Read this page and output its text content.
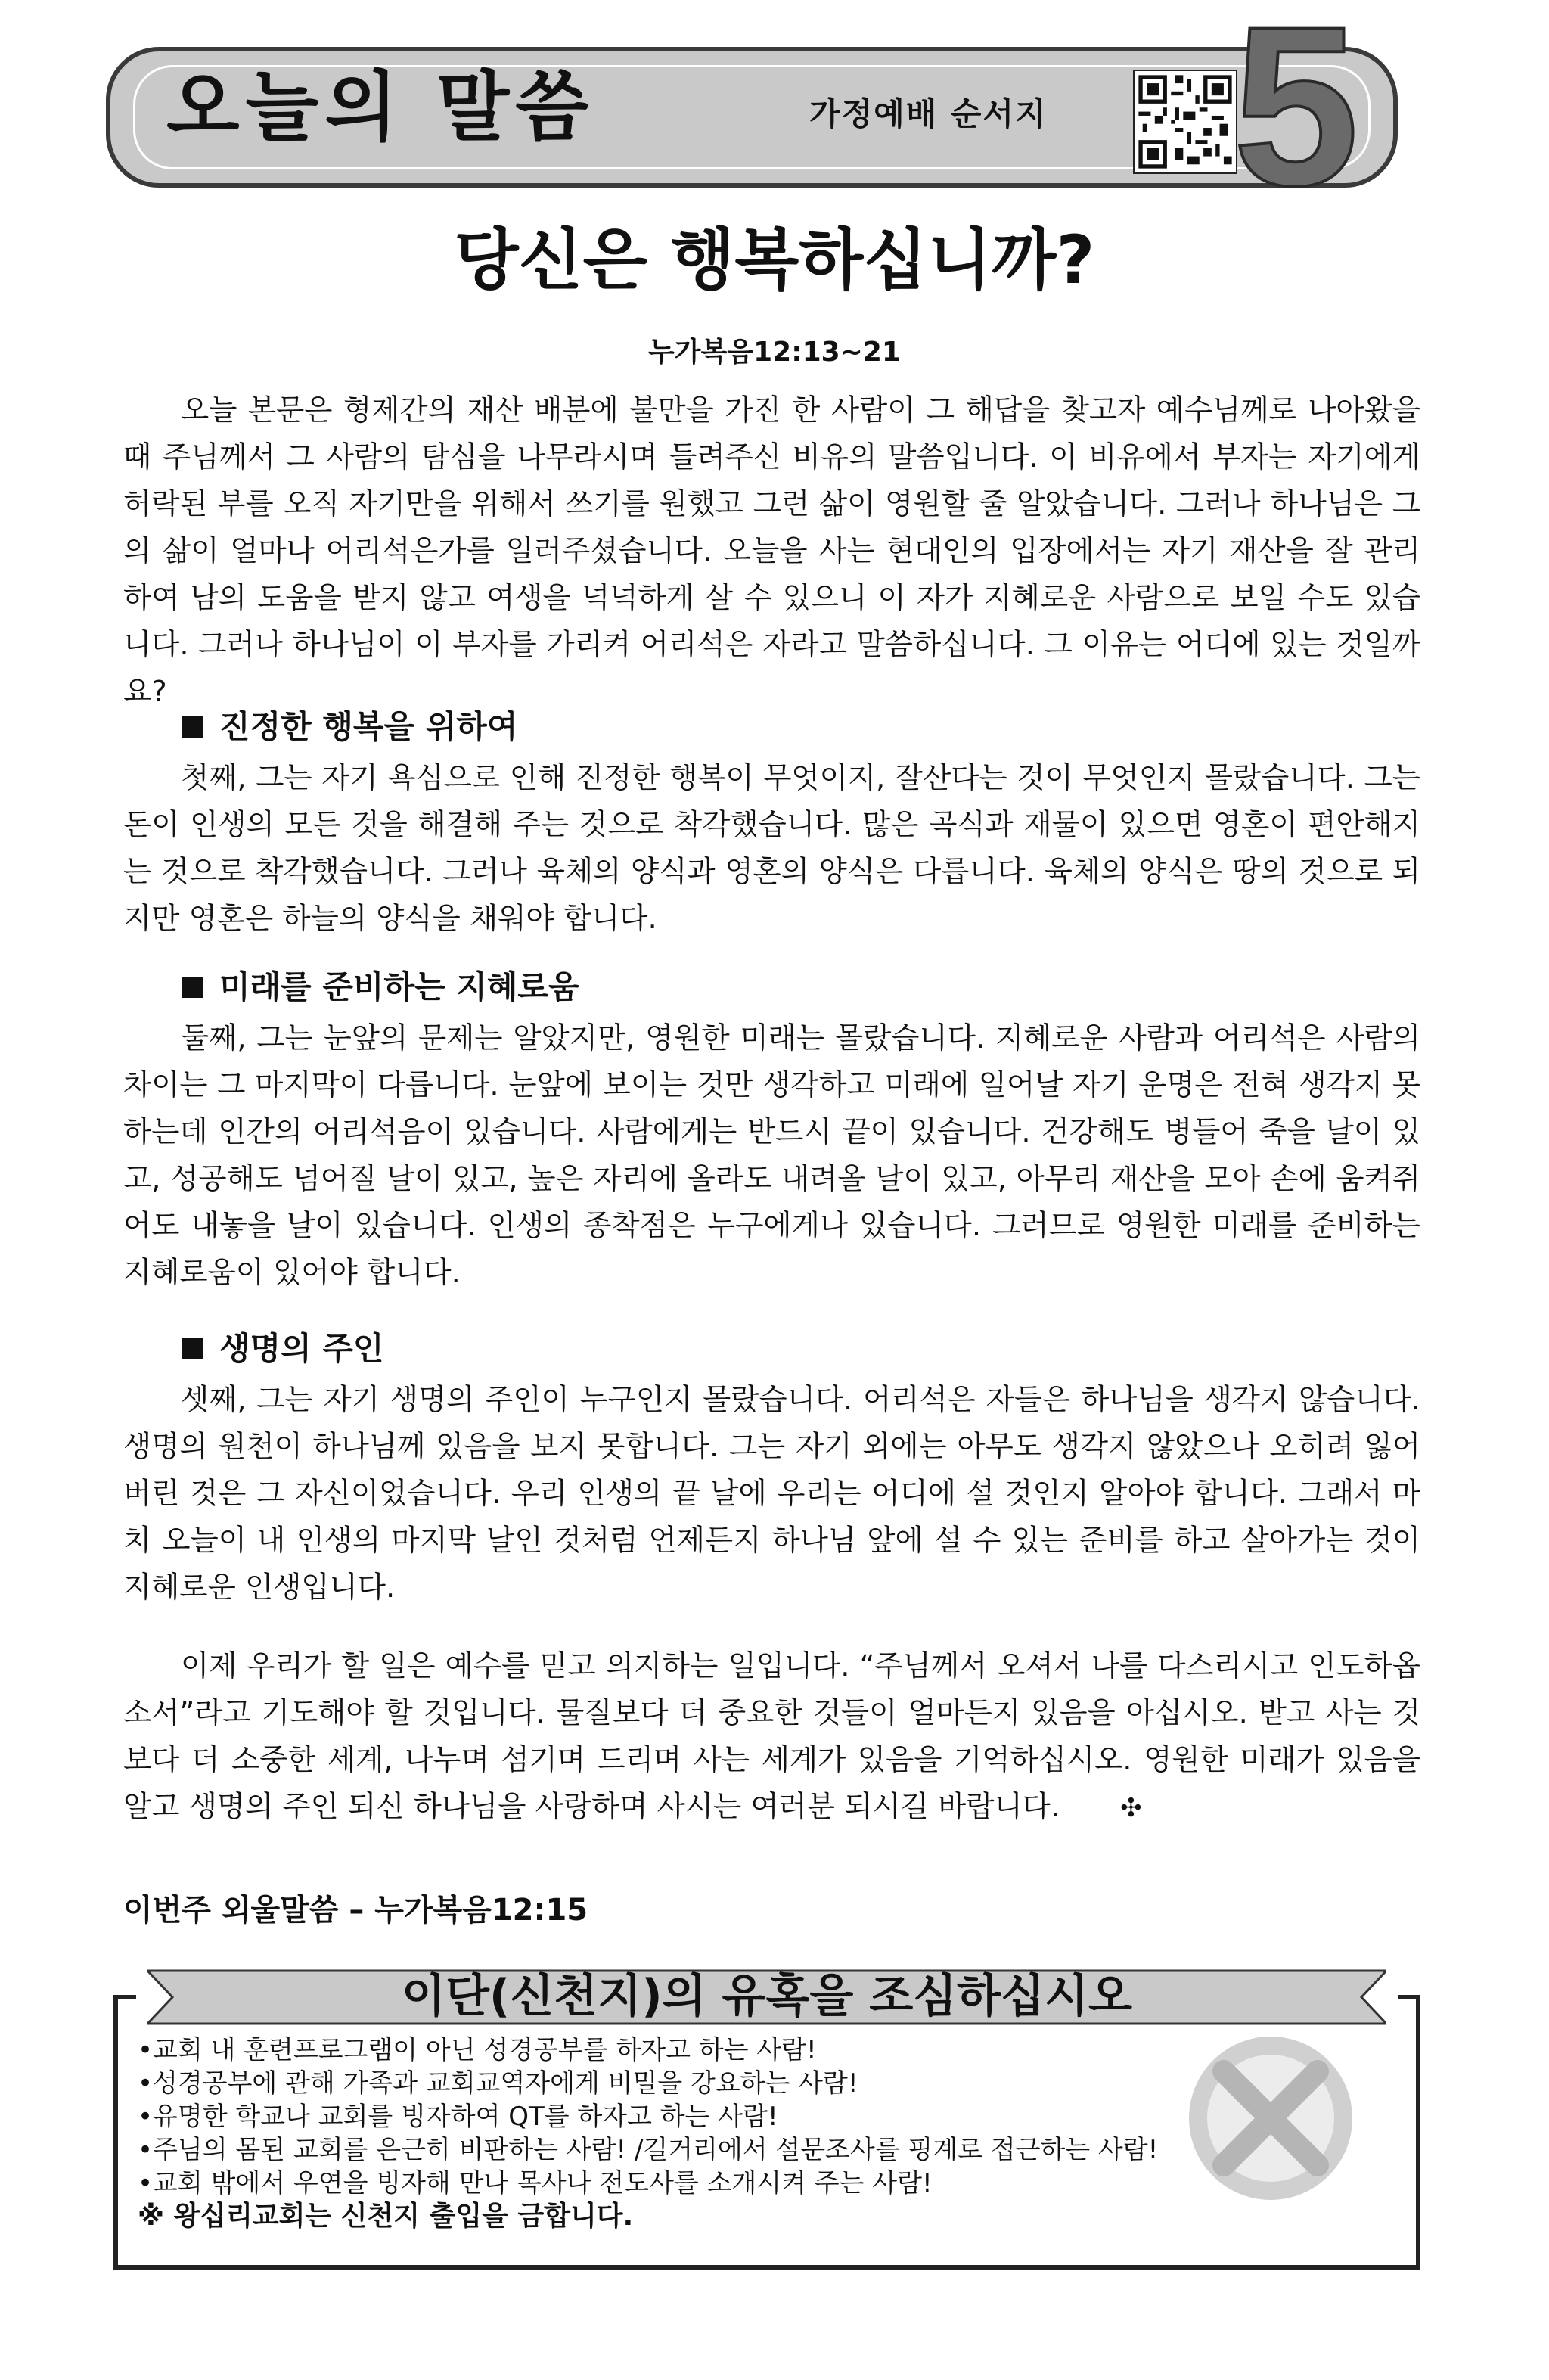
오늘의 말씀	가정예배 순서지 5
당신은 행복하십니까?
누가복음12:13~21

오늘 본문은 형제간의 재산 배분에 불만을 가진 한 사람이 그 해답을 찾고자 예수님께로 나아왔을 때 주님께서 그 사람의 탐심을 나무라시며 들려주신 비유의 말씀입니다. 이 비유에서 부자는 자기에게 허락된 부를 오직 자기만을 위해서 쓰기를 원했고 그런 삶이 영원할 줄 알았습니다. 그러나 하나님은 그의 삶이 얼마나 어리석은가를 일러주셨습니다. 오늘을 사는 현대인의 입장에서는 자기 재산을 잘 관리하여 남의 도움을 받지 않고 여생을 넉넉하게 살 수 있으니 이 자가 지혜로운 사람으로 보일 수도 있습니다. 그러나 하나님이 이 부자를 가리켜 어리석은 자라고 말씀하십니다. 그 이유는 어디에 있는 것일까요?

진정한 행복을 위하여

첫째, 그는 자기 욕심으로 인해 진정한 행복이 무엇이지, 잘산다는 것이 무엇인지 몰랐습니다. 그는 돈이 인생의 모든 것을 해결해 주는 것으로 착각했습니다. 많은 곡식과 재물이 있으면 영혼이 편안해지는 것으로 착각했습니다. 그러나 육체의 양식과 영혼의 양식은 다릅니다. 육체의 양식은 땅의 것으로 되지만 영혼은 하늘의 양식을 채워야 합니다.

미래를 준비하는 지혜로움

둘째, 그는 눈앞의 문제는 알았지만, 영원한 미래는 몰랐습니다. 지혜로운 사람과 어리석은 사람의 차이는 그 마지막이 다릅니다. 눈앞에 보이는 것만 생각하고 미래에 일어날 자기 운명은 전혀 생각지 못하는데 인간의 어리석음이 있습니다. 사람에게는 반드시 끝이 있습니다. 건강해도 병들어 죽을 날이 있고, 성공해도 넘어질 날이 있고, 높은 자리에 올라도 내려올 날이 있고, 아무리 재산을 모아 손에 움켜쥐어도 내놓을 날이 있습니다. 인생의 종착점은 누구에게나 있습니다. 그러므로 영원한 미래를 준비하는 지혜로움이 있어야 합니다.

생명의 주인

셋째, 그는 자기 생명의 주인이 누구인지 몰랐습니다. 어리석은 자들은 하나님을 생각지 않습니다. 생명의 원천이 하나님께 있음을 보지 못합니다. 그는 자기 외에는 아무도 생각지 않았으나 오히려 잃어버린 것은 그 자신이었습니다. 우리 인생의 끝 날에 우리는 어디에 설 것인지 알아야 합니다. 그래서 마치 오늘이 내 인생의 마지막 날인 것처럼 언제든지 하나님 앞에 설 수 있는 준비를 하고 살아가는 것이 지혜로운 인생입니다.

이제 우리가 할 일은 예수를 믿고 의지하는 일입니다. “주님께서 오셔서 나를 다스리시고 인도하옵소서”라고 기도해야 할 것입니다. 물질보다 더 중요한 것들이 얼마든지 있음을 아십시오. 받고 사는 것보다 더 소중한 세계, 나누며 섬기며 드리며 사는 세계가 있음을 기억하십시오. 영원한 미래가 있음을 알고 생명의 주인 되신 하나님을 사랑하며 사시는 여러분 되시길 바랍니다. ✣

이번주 외울말씀 – 누가복음12:15
이단(신천지)의 유혹을 조심하십시오
•교회 내 훈련프로그램이 아닌 성경공부를 하자고 하는 사람!
•성경공부에 관해 가족과 교회교역자에게 비밀을 강요하는 사람!
•유명한 학교나 교회를 빙자하여 QT를 하자고 하는 사람!
•주님의 몸된 교회를 은근히 비판하는 사람! /길거리에서 설문조사를 핑계로 접근하는 사람!
•교회 밖에서 우연을 빙자해 만나 목사나 전도사를 소개시켜 주는 사람!
※ 왕십리교회는 신천지 출입을 금합니다.
